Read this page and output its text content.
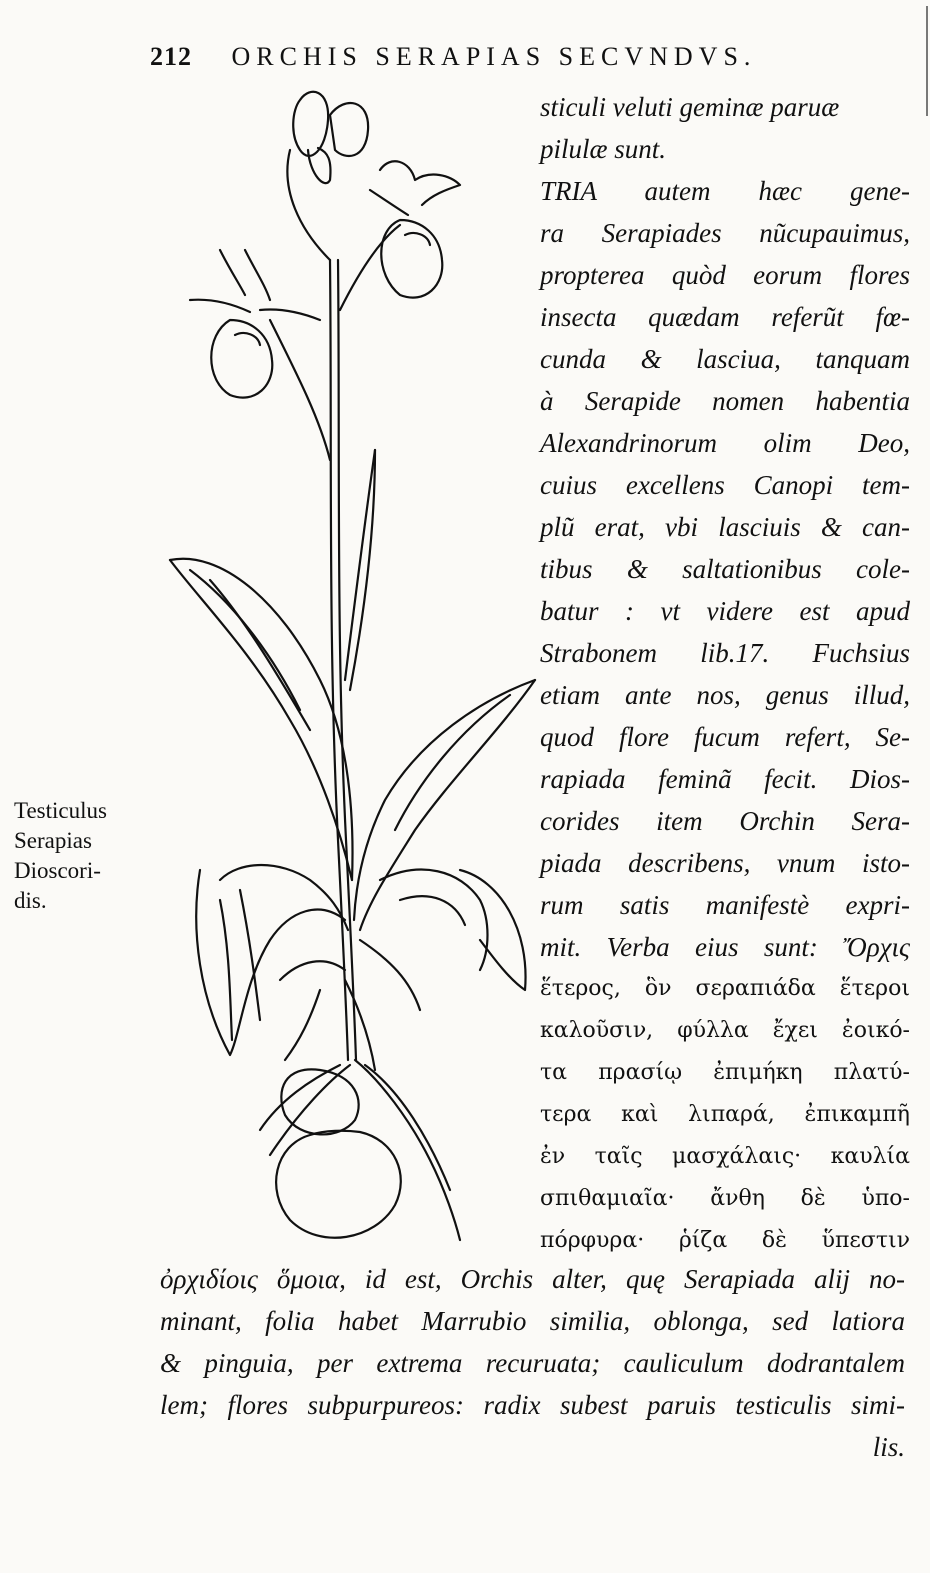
212 ORCHIS SERAPIAS SECVNDVS.
Testiculus
Serapias
Dioscori-
dis.
sticuli veluti geminæ paruæ
pilulæ sunt.
TRIA autem hæc gene-
ra Serapiades nũcupauimus,
propterea quòd eorum flores
insecta quædam referũt fœ-
cunda & lasciua, tanquam
à Serapide nomen habentia
Alexandrinorum olim Deo,
cuius excellens Canopi tem-
plũ erat, vbi lasciuis & can-
tibus & saltationibus cole-
batur : vt videre est apud
Strabonem lib.17. Fuchsius
etiam ante nos, genus illud,
quod flore fucum refert, Se-
rapiada feminã fecit. Dios-
corides item Orchin Sera-
piada describens, vnum isto-
rum satis manifestè expri-
mit. Verba eius sunt: Ὄρχις
ἕτερος, ὃν σεραπιάδα ἕτεροι
καλοῦσιν, φύλλα ἔχει ἐοικό-
τα πρασίῳ ἐπιμήκη πλατύ-
τερα καὶ λιπαρά, ἐπικαμπῆ
ἐν ταῖς μασχάλαις· καυλία
σπιθαμιαῖα· ἄνθη δὲ ὑπο-
πόρφυρα· ῥίζα δὲ ὕπεστιν
ὀρχιδίοις ὅμοια, id est, Orchis alter, quę Serapiada alij no-
minant, folia habet Marrubio similia, oblonga, sed latiora
& pinguia, per extrema recuruata; cauliculum dodrantalem
lem; flores subpurpureos: radix subest paruis testiculis simi-
lis.
